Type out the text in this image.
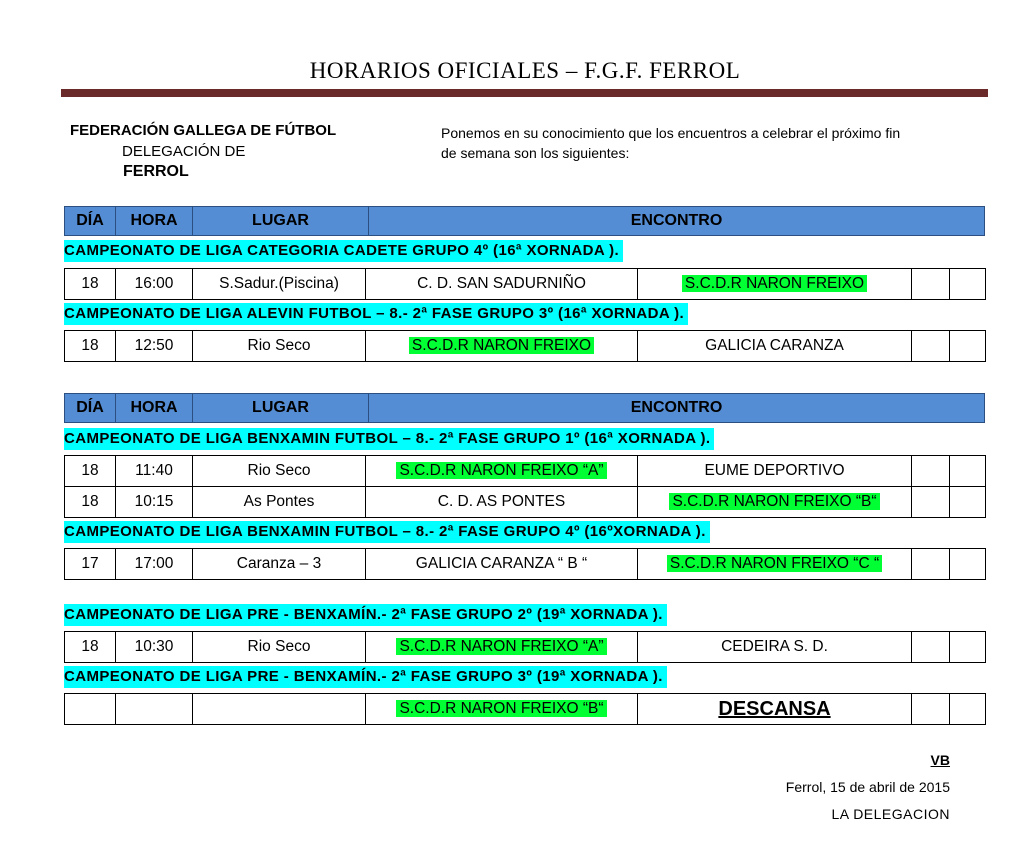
HORARIOS OFICIALES – F.G.F. FERROL
FEDERACIÓN GALLEGA DE FÚTBOL
DELEGACIÓN DE
FERROL
Ponemos en su conocimiento que los encuentros a celebrar el próximo fin de semana son los siguientes:
DÍA	HORA	LUGAR	ENCONTRO
CAMPEONATO DE LIGA CATEGORIA CADETE GRUPO 4º (16ª XORNADA ).
18	16:00	S.Sadur.(Piscina)	C. D. SAN SADURNIÑO	S.C.D.R NARON FREIXO
CAMPEONATO DE LIGA ALEVIN FUTBOL – 8.- 2ª FASE GRUPO 3º (16ª XORNADA ).
18	12:50	Rio Seco	S.C.D.R NARON FREIXO	GALICIA CARANZA
DÍA	HORA	LUGAR	ENCONTRO
CAMPEONATO DE LIGA BENXAMIN FUTBOL – 8.- 2ª FASE GRUPO 1º (16ª XORNADA ).
18	11:40	Rio Seco	S.C.D.R NARON FREIXO “A”	EUME DEPORTIVO
18	10:15	As Pontes	C. D. AS PONTES	S.C.D.R NARON FREIXO “B“
CAMPEONATO DE LIGA BENXAMIN FUTBOL – 8.- 2ª FASE GRUPO 4º (16ºXORNADA ).
17	17:00	Caranza – 3	GALICIA CARANZA “ B “	S.C.D.R NARON FREIXO “C “
CAMPEONATO DE LIGA PRE - BENXAMÍN.- 2ª FASE GRUPO 2º (19ª XORNADA ).
18	10:30	Rio Seco	S.C.D.R NARON FREIXO “A”	CEDEIRA S. D.
CAMPEONATO DE LIGA PRE - BENXAMÍN.- 2ª FASE GRUPO 3º (19ª XORNADA ).
S.C.D.R NARON FREIXO “B“	DESCANSA
VB
Ferrol, 15 de abril de 2015
LA DELEGACION
